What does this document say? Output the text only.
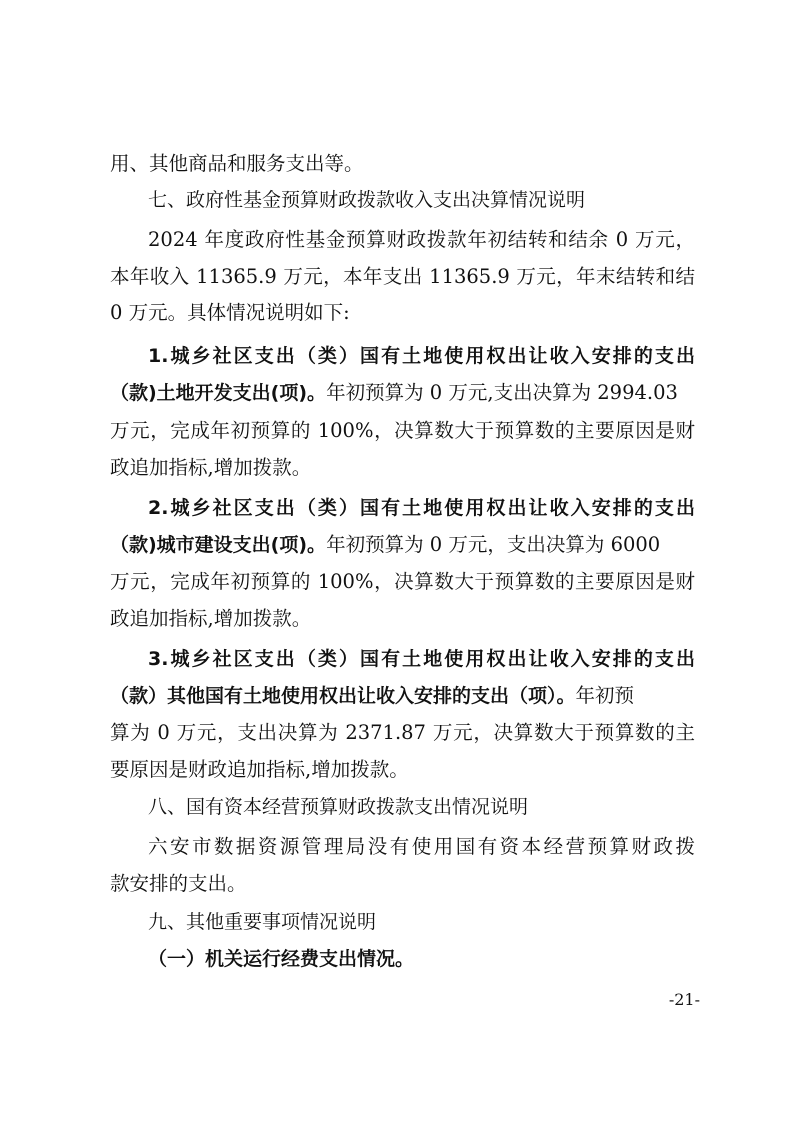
用、其他商品和服务支出等。
七、政府性基金预算财政拨款收入支出决算情况说明
2024 年度政府性基金预算财政拨款年初结转和结余 0 万元，
本年收入 11365.9 万元，本年支出 11365.9 万元，年末结转和结
0 万元。具体情况说明如下:
1.城乡社区支出（类）国有土地使用权出让收入安排的支出
（款)土地开发支出(项)。年初预算为 0 万元,支出决算为 2994.03
万元，完成年初预算的 100%，决算数大于预算数的主要原因是财
政追加指标,增加拨款。
2.城乡社区支出（类）国有土地使用权出让收入安排的支出
（款)城市建设支出(项)。年初预算为 0 万元，支出决算为 6000
万元，完成年初预算的 100%，决算数大于预算数的主要原因是财
政追加指标,增加拨款。
3.城乡社区支出（类）国有土地使用权出让收入安排的支出
（款）其他国有土地使用权出让收入安排的支出（项）。年初预
算为 0 万元，支出决算为 2371.87 万元，决算数大于预算数的主
要原因是财政追加指标,增加拨款。
八、国有资本经营预算财政拨款支出情况说明
六安市数据资源管理局没有使用国有资本经营预算财政拨
款安排的支出。
九、其他重要事项情况说明
（一）机关运行经费支出情况。
-21-
